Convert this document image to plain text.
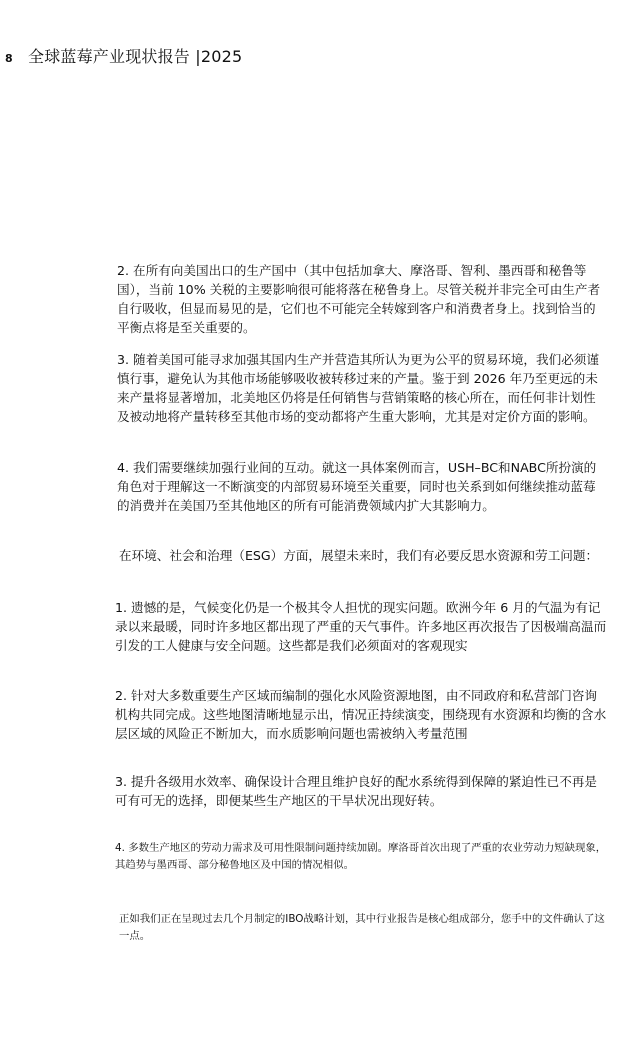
8 全球蓝莓产业现状报告 |2025

2. 在所有向美国出口的生产国中（其中包括加拿大、摩洛哥、智利、墨西哥和秘鲁等国），当前 10% 关税的主要影响很可能将落在秘鲁身上。尽管关税并非完全可由生产者自行吸收，但显而易见的是，它们也不可能完全转嫁到客户和消费者身上。找到恰当的平衡点将是至关重要的。

3. 随着美国可能寻求加强其国内生产并营造其所认为更为公平的贸易环境，我们必须谨慎行事，避免认为其他市场能够吸收被转移过来的产量。鉴于到 2026 年乃至更远的未来产量将显著增加，北美地区仍将是任何销售与营销策略的核心所在，而任何非计划性及被动地将产量转移至其他市场的变动都将产生重大影响，尤其是对定价方面的影响。

4. 我们需要继续加强行业间的互动。就这一具体案例而言，USH–BC和NABC所扮演的角色对于理解这一不断演变的内部贸易环境至关重要，同时也关系到如何继续推动蓝莓的消费并在美国乃至其他地区的所有可能消费领域内扩大其影响力。

在环境、社会和治理（ESG）方面，展望未来时，我们有必要反思水资源和劳工问题：

1. 遗憾的是，气候变化仍是一个极其令人担忧的现实问题。欧洲今年 6 月的气温为有记录以来最暖，同时许多地区都出现了严重的天气事件。许多地区再次报告了因极端高温而引发的工人健康与安全问题。这些都是我们必须面对的客观现实

2. 针对大多数重要生产区域而编制的强化水风险资源地图，由不同政府和私营部门咨询机构共同完成。这些地图清晰地显示出，情况正持续演变，围绕现有水资源和均衡的含水层区域的风险正不断加大，而水质影响问题也需被纳入考量范围

3. 提升各级用水效率、确保设计合理且维护良好的配水系统得到保障的紧迫性已不再是可有可无的选择，即便某些生产地区的干旱状况出现好转。

4. 多数生产地区的劳动力需求及可用性限制问题持续加剧。摩洛哥首次出现了严重的农业劳动力短缺现象，其趋势与墨西哥、部分秘鲁地区及中国的情况相似。

正如我们正在呈现过去几个月制定的IBO战略计划，其中行业报告是核心组成部分，您手中的文件确认了这一点。
